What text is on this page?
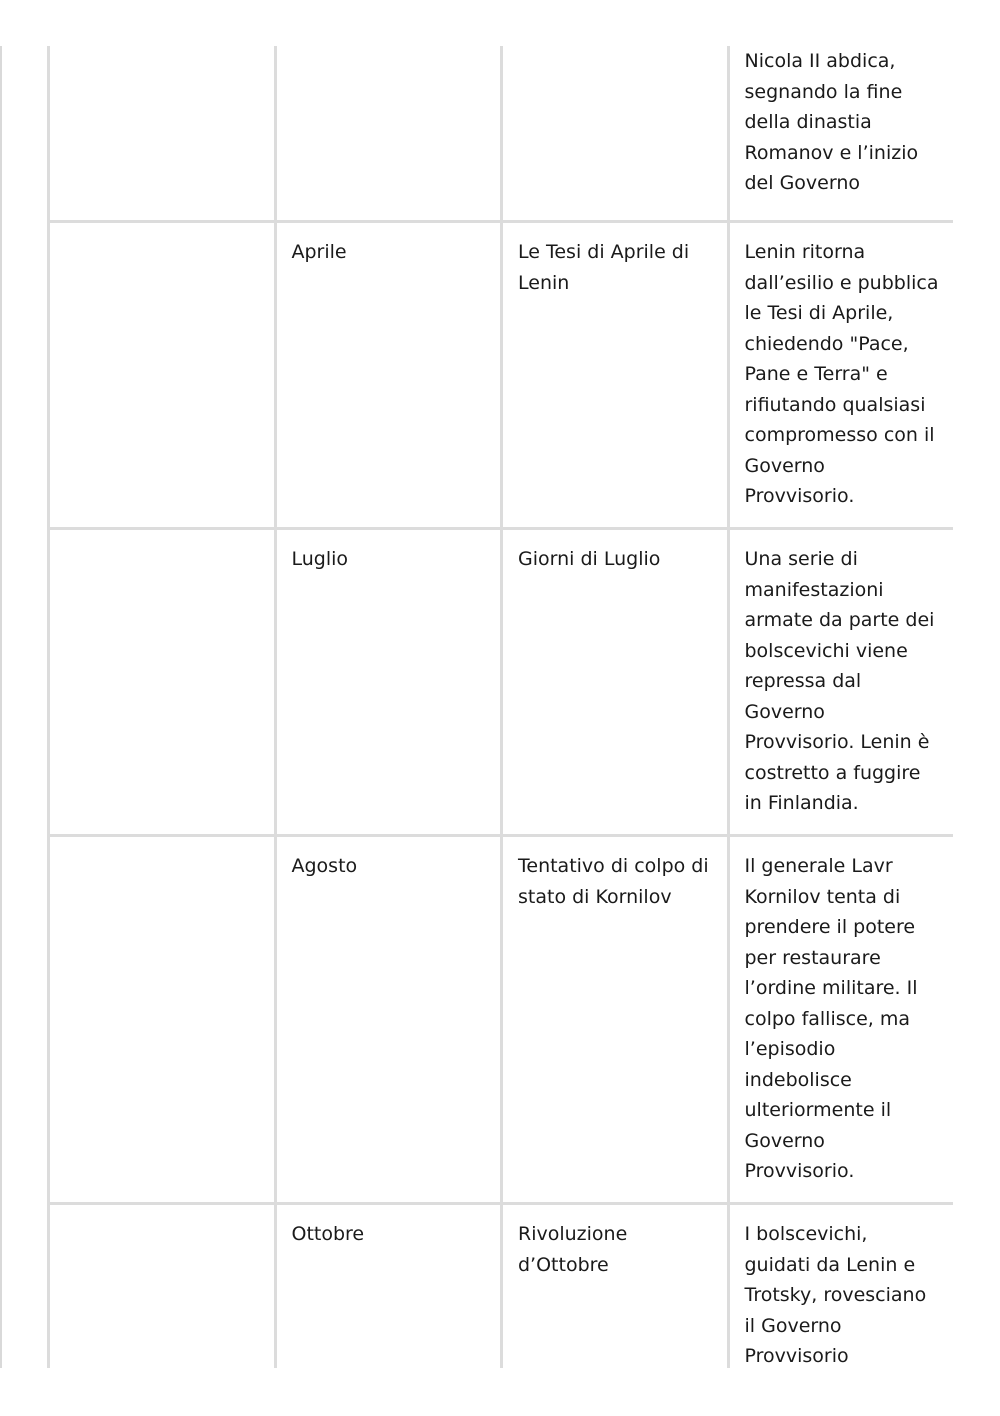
			Nicola II abdica, segnando la fine della dinastia Romanov e l’inizio del Governo
	Aprile	Le Tesi di Aprile di Lenin	Lenin ritorna dall’esilio e pubblica le Tesi di Aprile, chiedendo "Pace, Pane e Terra" e rifiutando qualsiasi compromesso con il Governo Provvisorio.
	Luglio	Giorni di Luglio	Una serie di manifestazioni armate da parte dei bolscevichi viene repressa dal Governo Provvisorio. Lenin è costretto a fuggire in Finlandia.
	Agosto	Tentativo di colpo di stato di Kornilov	Il generale Lavr Kornilov tenta di prendere il potere per restaurare l’ordine militare. Il colpo fallisce, ma l’episodio indebolisce ulteriormente il Governo Provvisorio.
	Ottobre	Rivoluzione d’Ottobre	I bolscevichi, guidati da Lenin e Trotsky, rovesciano il Governo Provvisorio
